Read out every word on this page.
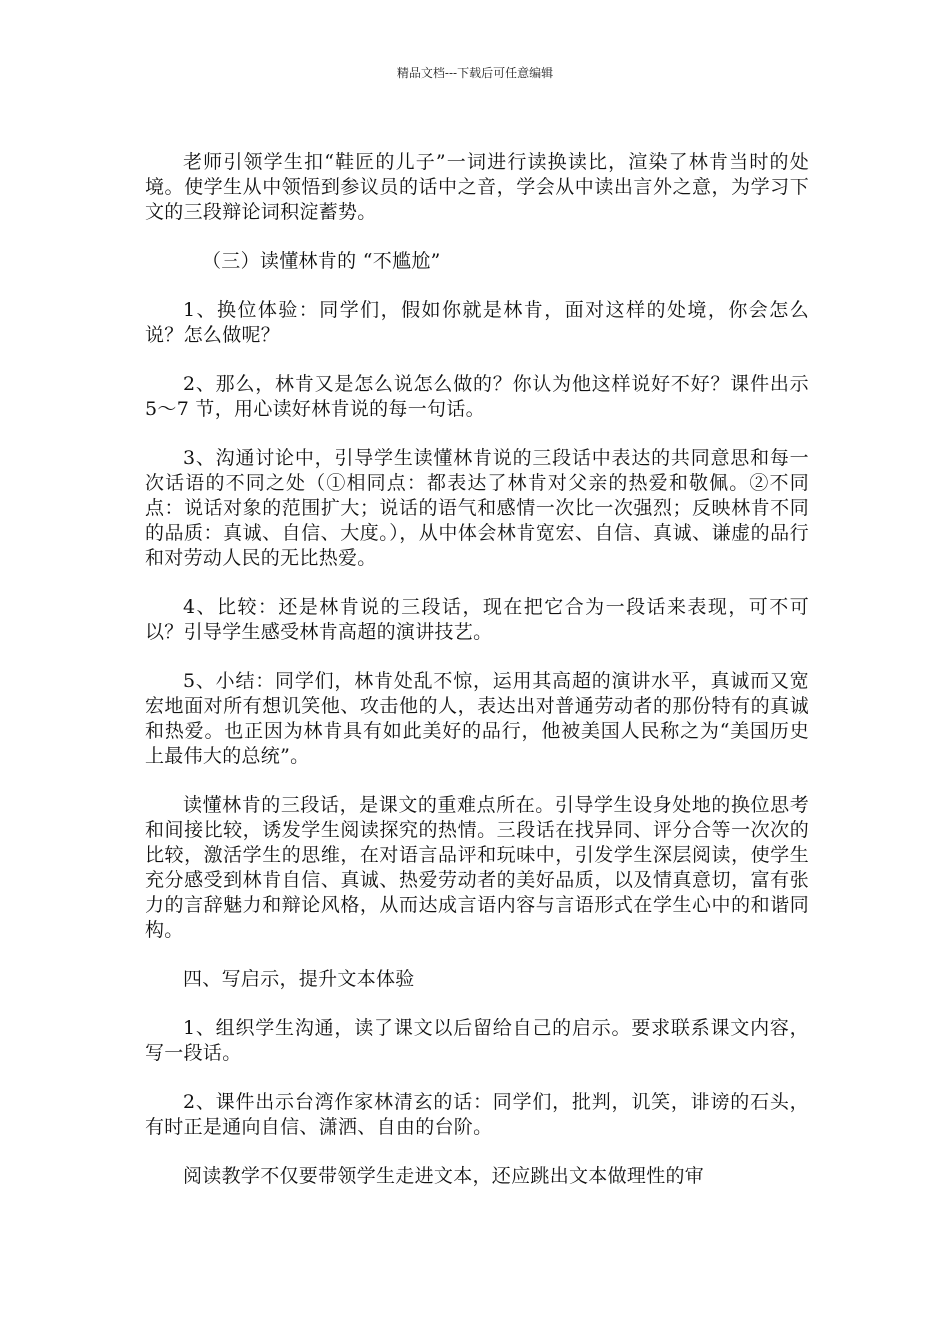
精品文档---下载后可任意编辑

老师引领学生扣“鞋匠的儿子”一词进行读换读比，渲染了林肯当时的处境。使学生从中领悟到参议员的话中之音，学会从中读出言外之意，为学习下文的三段辩论词积淀蓄势。

（三）读懂林肯的 “不尴尬”

1、换位体验：同学们，假如你就是林肯，面对这样的处境，你会怎么说？怎么做呢？

2、那么，林肯又是怎么说怎么做的？你认为他这样说好不好？课件出示 5～7 节，用心读好林肯说的每一句话。

3、沟通讨论中，引导学生读懂林肯说的三段话中表达的共同意思和每一次话语的不同之处（①相同点：都表达了林肯对父亲的热爱和敬佩。②不同点：说话对象的范围扩大；说话的语气和感情一次比一次强烈；反映林肯不同的品质：真诚、自信、大度。），从中体会林肯宽宏、自信、真诚、谦虚的品行和对劳动人民的无比热爱。

4、比较：还是林肯说的三段话，现在把它合为一段话来表现，可不可以？引导学生感受林肯高超的演讲技艺。

5、小结：同学们，林肯处乱不惊，运用其高超的演讲水平，真诚而又宽宏地面对所有想讥笑他、攻击他的人，表达出对普通劳动者的那份特有的真诚和热爱。也正因为林肯具有如此美好的品行，他被美国人民称之为“美国历史上最伟大的总统”。

读懂林肯的三段话，是课文的重难点所在。引导学生设身处地的换位思考和间接比较，诱发学生阅读探究的热情。三段话在找异同、评分合等一次次的比较，激活学生的思维，在对语言品评和玩味中，引发学生深层阅读，使学生充分感受到林肯自信、真诚、热爱劳动者的美好品质，以及情真意切，富有张力的言辞魅力和辩论风格，从而达成言语内容与言语形式在学生心中的和谐同构。

四、写启示，提升文本体验

1、组织学生沟通，读了课文以后留给自己的启示。要求联系课文内容，写一段话。

2、课件出示台湾作家林清玄的话：同学们，批判，讥笑，诽谤的石头，有时正是通向自信、潇洒、自由的台阶。

阅读教学不仅要带领学生走进文本，还应跳出文本做理性的审
